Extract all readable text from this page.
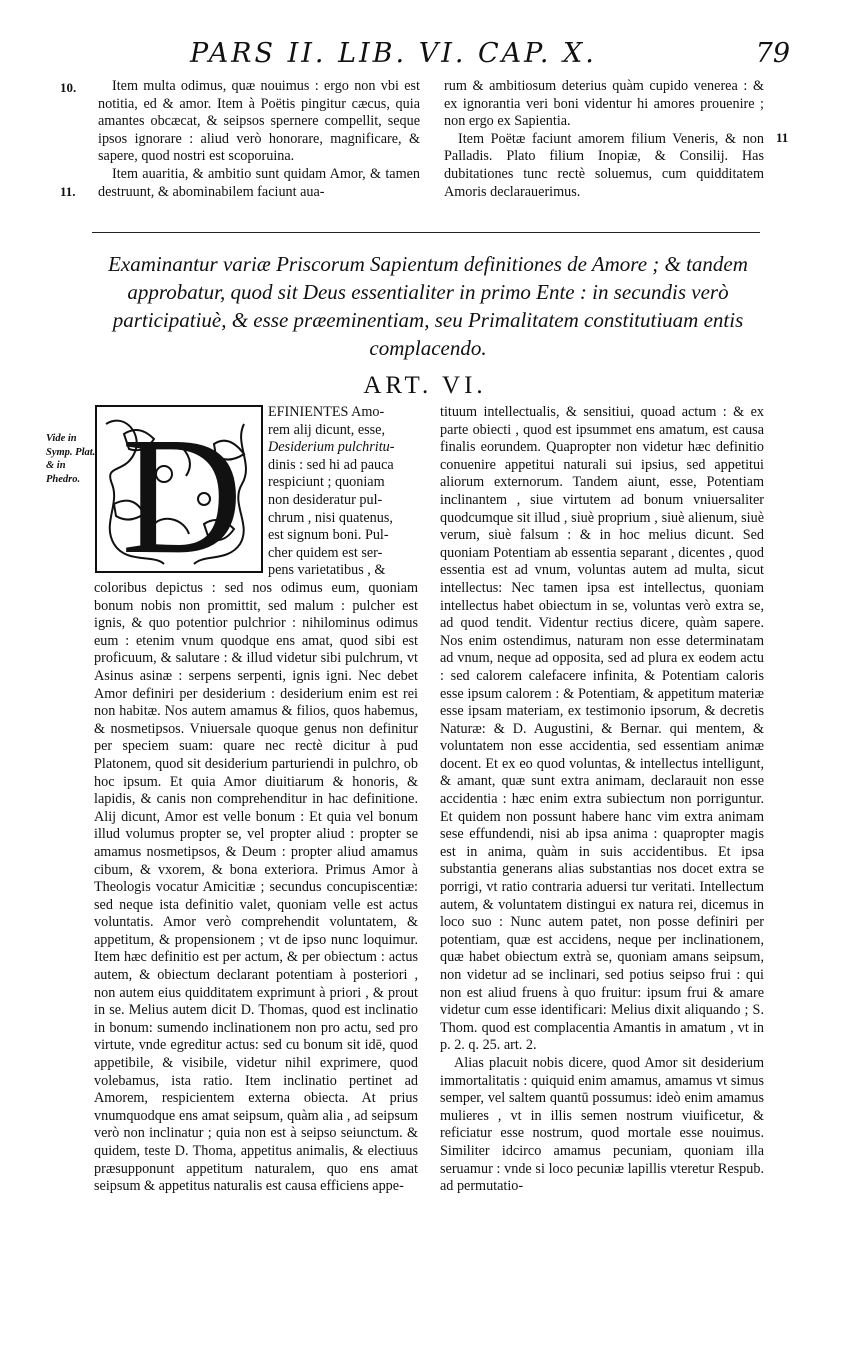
PARS II. LIB. VI. CAP. X.	79
10.
11.
11

Item multa odimus, quæ nouimus : ergo non vbi est notitia, ed & amor. Item à Poëtis pingitur cæcus, quia amantes obcæcat, & seipsos spernere compellit, seque ipsos ignorare : aliud verò honorare, magnificare, & sapere, quod nostri est scoporuina.

Item auaritia, & ambitio sunt quidam Amor, & tamen destruunt, & abominabilem faciunt aua-

rum & ambitiosum deterius quàm cupido venerea : & ex ignorantia veri boni videntur hi amores prouenire ; non ergo ex Sapientia.

Item Poëtæ faciunt amorem filium Veneris, & non Palladis. Plato filium Inopiæ, & Consilij. Has dubitationes tunc rectè soluemus, cum quidditatem Amoris declarauerimus.

Examinantur variæ Priscorum Sapientum definitiones de Amore ; & tandem approbatur, quod sit Deus essentialiter in primo Ente : in secundis verò participatiuè, & esse præeminentiam, seu Primalitatem constitutiuam entis complacendo.
ART. VI.
Vide in Symp. Plat. & in Phedro. D EFINIENTES Amo-
rem alij dicunt, esse,
Desiderium pulchritu-
dinis : sed hi ad pauca
respiciunt ; quoniam
non desideratur pul-
chrum , nisi quatenus,
est signum boni. Pul-
cher quidem est ser-
pens varietatibus , &

coloribus depictus : sed nos odimus eum, quoniam bonum nobis non promittit, sed malum : pulcher est ignis, & quo potentior pulchrior : nihilominus odimus eum : etenim vnum quodque ens amat, quod sibi est proficuum, & salutare : & illud videtur sibi pulchrum, vt Asinus asinæ : serpens serpenti, ignis igni. Nec debet Amor definiri per desiderium : desiderium enim est rei non habitæ. Nos autem amamus & filios, quos habemus, & nosmetipsos. Vniuersale quoque genus non definitur per speciem suam: quare nec rectè dicitur à pud Platonem, quod sit desiderium parturiendi in pulchro, ob hoc ipsum. Et quia Amor diuitiarum & honoris, & lapidis, & canis non comprehenditur in hac definitione. Alij dicunt, Amor est velle bonum : Et quia vel bonum illud volumus propter se, vel propter aliud : propter se amamus nosmetipsos, & Deum : propter aliud amamus cibum, & vxorem, & bona exteriora. Primus Amor à Theologis vocatur Amicitiæ ; secundus concupiscentiæ: sed neque ista definitio valet, quoniam velle est actus voluntatis. Amor verò comprehendit voluntatem, & appetitum, & propensionem ; vt de ipso nunc loquimur. Item hæc definitio est per actum, & per obiectum : actus autem, & obiectum declarant potentiam à posteriori , non autem eius quidditatem exprimunt à priori , & prout in se. Melius autem dicit D. Thomas, quod est inclinatio in bonum: sumendo inclinationem non pro actu, sed pro virtute, vnde egreditur actus: sed cu bonum sit idē, quod appetibile, & visibile, videtur nihil exprimere, quod volebamus, ista ratio. Item inclinatio pertinet ad Amorem, respicientem externa obiecta. At prius vnumquodque ens amat seipsum, quàm alia , ad seipsum verò non inclinatur ; quia non est à seipso seiunctum. & quidem, teste D. Thoma, appetitus animalis, & electiuus præsupponunt appetitum naturalem, quo ens amat seipsum & appetitus naturalis est causa efficiens appe-

tituum intellectualis, & sensitiui, quoad actum : & ex parte obiecti , quod est ipsummet ens amatum, est causa finalis eorundem. Quapropter non videtur hæc definitio conuenire appetitui naturali sui ipsius, sed appetitui aliorum externorum. Tandem aiunt, esse, Potentiam inclinantem , siue virtutem ad bonum vniuersaliter quodcumque sit illud , siuè proprium , siuè alienum, siuè verum, siuè falsum : & in hoc melius dicunt. Sed quoniam Potentiam ab essentia separant , dicentes , quod essentia est ad vnum, voluntas autem ad multa, sicut intellectus: Nec tamen ipsa est intellectus, quoniam intellectus habet obiectum in se, voluntas verò extra se, ad quod tendit. Videntur rectius dicere, quàm sapere. Nos enim ostendimus, naturam non esse determinatam ad vnum, neque ad opposita, sed ad plura ex eodem actu : sed calorem calefacere infinita, & Potentiam caloris esse ipsum calorem : & Potentiam, & appetitum materiæ esse ipsam materiam, ex testimonio ipsorum, & decretis Naturæ: & D. Augustini, & Bernar. qui mentem, & voluntatem non esse accidentia, sed essentiam animæ docent. Et ex eo quod voluntas, & intellectus intelligunt, & amant, quæ sunt extra animam, declarauit non esse accidentia : hæc enim extra subiectum non porriguntur. Et quidem non possunt habere hanc vim extra animam sese effundendi, nisi ab ipsa anima : quapropter magis est in anima, quàm in suis accidentibus. Et ipsa substantia generans alias substantias nos docet extra se porrigi, vt ratio contraria aduersi tur veritati. Intellectum autem, & voluntatem distingui ex natura rei, dicemus in loco suo : Nunc autem patet, non posse definiri per potentiam, quæ est accidens, neque per inclinationem, quæ habet obiectum extrà se, quoniam amans seipsum, non videtur ad se inclinari, sed potius seipso frui : qui non est aliud fruens à quo fruitur: ipsum frui & amare videtur cum esse identificari: Melius dixit aliquando ; S. Thom. quod est complacentia Amantis in amatum , vt in p. 2. q. 25. art. 2.

Alias placuit nobis dicere, quod Amor sit desiderium immortalitatis : quiquid enim amamus, amamus vt simus semper, vel saltem quantū possumus: ideò enim amamus mulieres , vt in illis semen nostrum viuificetur, & reficiatur esse nostrum, quod mortale esse nouimus. Similiter idcirco amamus pecuniam, quoniam illa seruamur : vnde si loco pecuniæ lapillis vteretur Respub. ad permutatio-
